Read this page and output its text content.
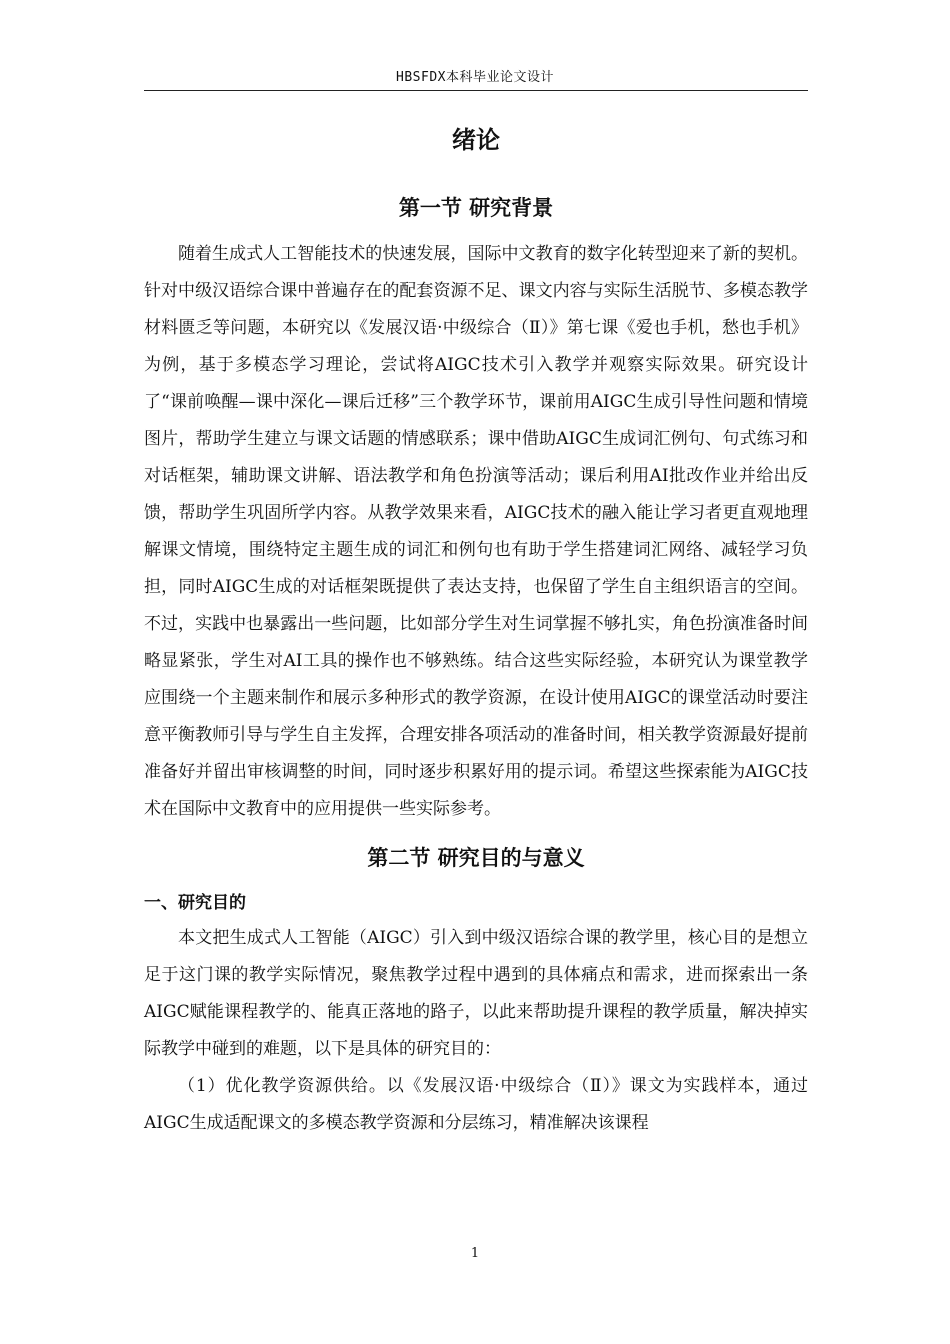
HBSFDX本科毕业论文设计
绪论
第一节 研究背景

随着生成式人工智能技术的快速发展，国际中文教育的数字化转型迎来了新的契机。针对中级汉语综合课中普遍存在的配套资源不足、课文内容与实际生活脱节、多模态教学材料匮乏等问题，本研究以《发展汉语·中级综合（Ⅱ）》第七课《爱也手机，愁也手机》为例，基于多模态学习理论，尝试将AIGC技术引入教学并观察实际效果。研究设计了“课前唤醒—课中深化—课后迁移”三个教学环节，课前用AIGC生成引导性问题和情境图片，帮助学生建立与课文话题的情感联系；课中借助AIGC生成词汇例句、句式练习和对话框架，辅助课文讲解、语法教学和角色扮演等活动；课后利用AI批改作业并给出反馈，帮助学生巩固所学内容。从教学效果来看，AIGC技术的融入能让学习者更直观地理解课文情境，围绕特定主题生成的词汇和例句也有助于学生搭建词汇网络、减轻学习负担，同时AIGC生成的对话框架既提供了表达支持，也保留了学生自主组织语言的空间。不过，实践中也暴露出一些问题，比如部分学生对生词掌握不够扎实，角色扮演准备时间略显紧张，学生对AI工具的操作也不够熟练。结合这些实际经验，本研究认为课堂教学应围绕一个主题来制作和展示多种形式的教学资源，在设计使用AIGC的课堂活动时要注意平衡教师引导与学生自主发挥，合理安排各项活动的准备时间，相关教学资源最好提前准备好并留出审核调整的时间，同时逐步积累好用的提示词。希望这些探索能为AIGC技术在国际中文教育中的应用提供一些实际参考。

第二节 研究目的与意义
一、研究目的

本文把生成式人工智能（AIGC）引入到中级汉语综合课的教学里，核心目的是想立足于这门课的教学实际情况，聚焦教学过程中遇到的具体痛点和需求，进而探索出一条AIGC赋能课程教学的、能真正落地的路子，以此来帮助提升课程的教学质量，解决掉实际教学中碰到的难题，以下是具体的研究目的：

（1）优化教学资源供给。以《发展汉语·中级综合（Ⅱ）》课文为实践样本，通过AIGC生成适配课文的多模态教学资源和分层练习，精准解决该课程

1
